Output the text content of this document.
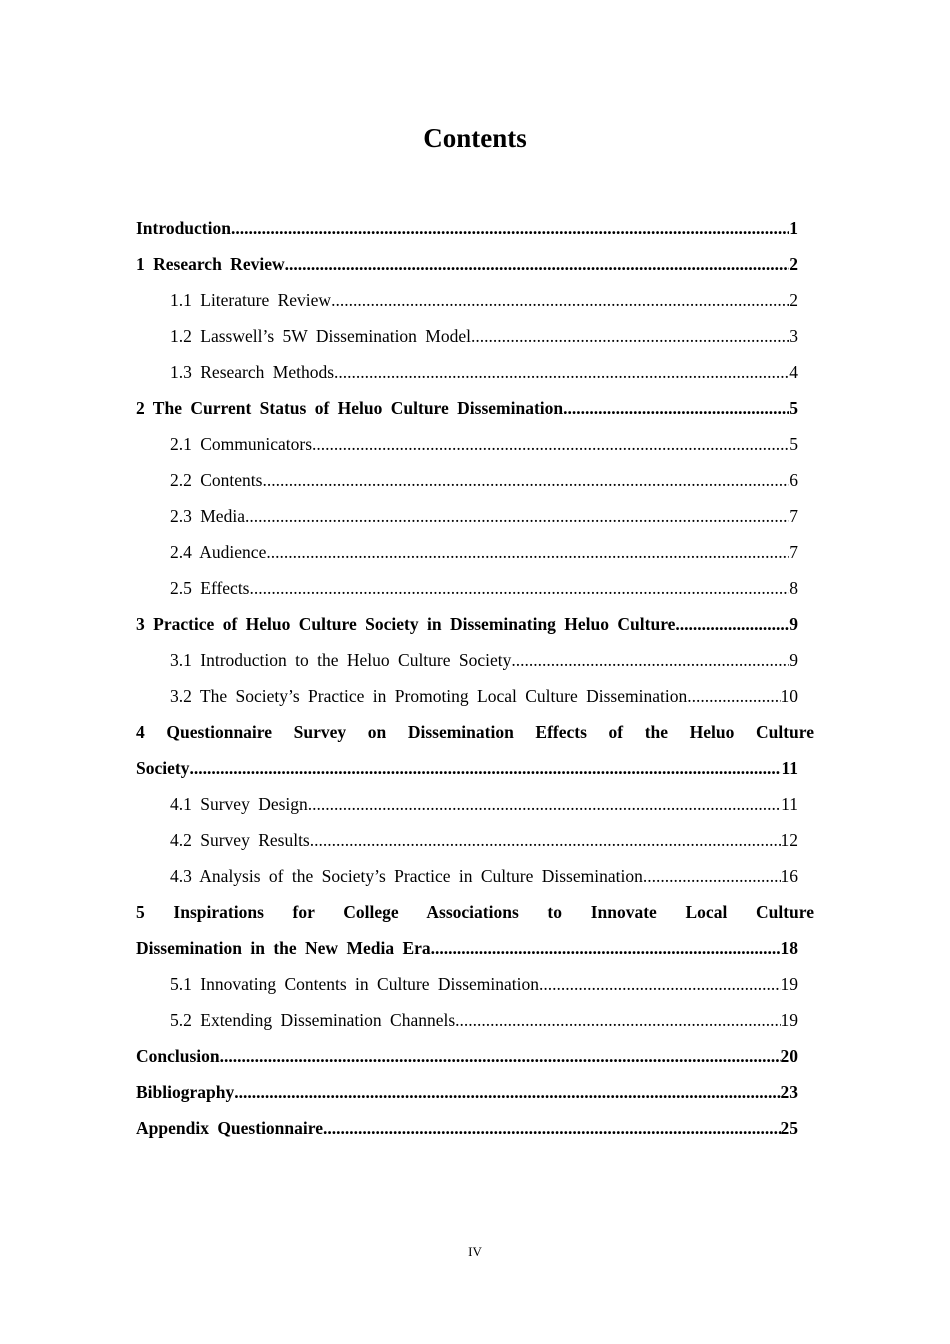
Contents
Introduction .....	1
1 Research Review .....	2
1.1 Literature Review .....	2
1.2 Lasswell’s 5W Dissemination Model .....	3
1.3 Research Methods .....	4
2 The Current Status of Heluo Culture Dissemination .....	5
2.1 Communicators .....	5
2.2 Contents .....	6
2.3 Media .....	7
2.4 Audience .....	7
2.5 Effects .....	8
3 Practice of Heluo Culture Society in Disseminating Heluo Culture .....	9
3.1 Introduction to the Heluo Culture Society .....	9
3.2 The Society’s Practice in Promoting Local Culture Dissemination .....	10
4 Questionnaire Survey on Dissemination Effects of the Heluo Culture
Society .....	11
4.1 Survey Design .....	11
4.2 Survey Results .....	12
4.3 Analysis of the Society’s Practice in Culture Dissemination .....	16
5 Inspirations for College Associations to Innovate Local Culture
Dissemination in the New Media Era .....	18
5.1 Innovating Contents in Culture Dissemination .....	19
5.2 Extending Dissemination Channels .....	19
Conclusion .....	20
Bibliography .....	23
Appendix Questionnaire .....	25
IV
